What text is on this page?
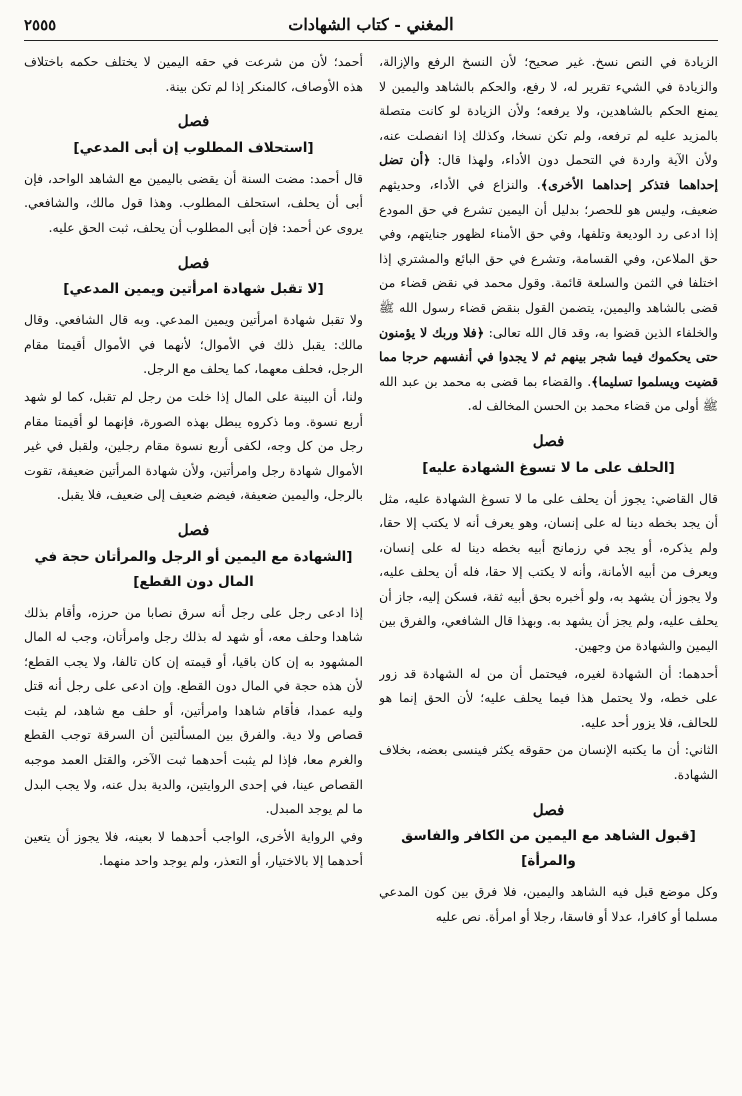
المغني - كتاب الشهادات
٢٥٥٥

الزيادة في النص نسخ. غير صحيح؛ لأن النسخ الرفع والإزالة، والزيادة في الشيء تقرير له، لا رفع، والحكم بالشاهد واليمين لا يمنع الحكم بالشاهدين، ولا يرفعه؛ ولأن الزيادة لو كانت متصلة بالمزيد عليه لم ترفعه، ولم تكن نسخا، وكذلك إذا انفصلت عنه، ولأن الآية واردة في التحمل دون الأداء، ولهذا قال: ﴿أن تضل إحداهما فتذكر إحداهما الأخرى﴾. والنزاع في الأداء، وحديثهم ضعيف، وليس هو للحصر؛ بدليل أن اليمين تشرع في حق المودع إذا ادعى رد الوديعة وتلفها، وفي حق الأمناء لظهور جنايتهم، وفي حق الملاعن، وفي القسامة، وتشرع في حق البائع والمشتري إذا اختلفا في الثمن والسلعة قائمة. وقول محمد في نقض قضاء من قضى بالشاهد واليمين، يتضمن القول بنقض قضاء رسول الله ﷺ والخلفاء الذين قضوا به، وقد قال الله تعالى: ﴿فلا وربك لا يؤمنون حتى يحكموك فيما شجر بينهم ثم لا يجدوا في أنفسهم حرجا مما قضيت ويسلموا تسليما﴾. والقضاء بما قضى به محمد بن عبد الله ﷺ أولى من قضاء محمد بن الحسن المخالف له.

فصل
[الحلف على ما لا تسوغ الشهادة عليه]

قال القاضي: يجوز أن يحلف على ما لا تسوغ الشهادة عليه، مثل أن يجد بخطه دينا له على إنسان، وهو يعرف أنه لا يكتب إلا حقا، ولم يذكره، أو يجد في رزمانج أبيه بخطه دينا له على إنسان، ويعرف من أبيه الأمانة، وأنه لا يكتب إلا حقا، فله أن يحلف عليه، ولا يجوز أن يشهد به، ولو أخبره بحق أبيه ثقة، فسكن إليه، جاز أن يحلف عليه، ولم يجز أن يشهد به. وبهذا قال الشافعي، والفرق بين اليمين والشهادة من وجهين.

أحدهما: أن الشهادة لغيره، فيحتمل أن من له الشهادة قد زور على خطه، ولا يحتمل هذا فيما يحلف عليه؛ لأن الحق إنما هو للحالف، فلا يزور أحد عليه.

الثاني: أن ما يكتبه الإنسان من حقوقه يكثر فينسى بعضه، بخلاف الشهادة.

فصل
[قبول الشاهد مع اليمين من الكافر والفاسق والمرأة]

وكل موضع قبل فيه الشاهد واليمين، فلا فرق بين كون المدعي مسلما أو كافرا، عدلا أو فاسقا، رجلا أو امرأة. نص عليه

أحمد؛ لأن من شرعت في حقه اليمين لا يختلف حكمه باختلاف هذه الأوصاف، كالمنكر إذا لم تكن بينة.

فصل
[استحلاف المطلوب إن أبى المدعي]

قال أحمد: مضت السنة أن يقضى باليمين مع الشاهد الواحد، فإن أبى أن يحلف، استحلف المطلوب. وهذا قول مالك، والشافعي. يروى عن أحمد: فإن أبى المطلوب أن يحلف، ثبت الحق عليه.

فصل
[لا تقبل شهادة امرأتين ويمين المدعي]

ولا تقبل شهادة امرأتين ويمين المدعي. وبه قال الشافعي. وقال مالك: يقبل ذلك في الأموال؛ لأنهما في الأموال أقيمتا مقام الرجل، فحلف معهما، كما يحلف مع الرجل.

ولنا، أن البينة على المال إذا خلت من رجل لم تقبل، كما لو شهد أربع نسوة. وما ذكروه يبطل بهذه الصورة، فإنهما لو أقيمتا مقام رجل من كل وجه، لكفى أربع نسوة مقام رجلين، ولقبل في غير الأموال شهادة رجل وامرأتين، ولأن شهادة المرأتين ضعيفة، تقوت بالرجل، واليمين ضعيفة، فيضم ضعيف إلى ضعيف، فلا يقبل.

فصل
[الشهادة مع اليمين أو الرجل والمرأتان حجة في المال دون القطع]

إذا ادعى رجل على رجل أنه سرق نصابا من حرزه، وأقام بذلك شاهدا وحلف معه، أو شهد له بذلك رجل وامرأتان، وجب له المال المشهود به إن كان باقيا، أو قيمته إن كان تالفا، ولا يجب القطع؛ لأن هذه حجة في المال دون القطع. وإن ادعى على رجل أنه قتل وليه عمدا، فأقام شاهدا وامرأتين، أو حلف مع شاهد، لم يثبت قصاص ولا دية. والفرق بين المسألتين أن السرقة توجب القطع والغرم معا، فإذا لم يثبت أحدهما ثبت الآخر، والقتل العمد موجبه القصاص عينا، في إحدى الروايتين، والدية بدل عنه، ولا يجب البدل ما لم يوجد المبدل.

وفي الرواية الأخرى، الواجب أحدهما لا بعينه، فلا يجوز أن يتعين أحدهما إلا بالاختيار، أو التعذر، ولم يوجد واحد منهما.
